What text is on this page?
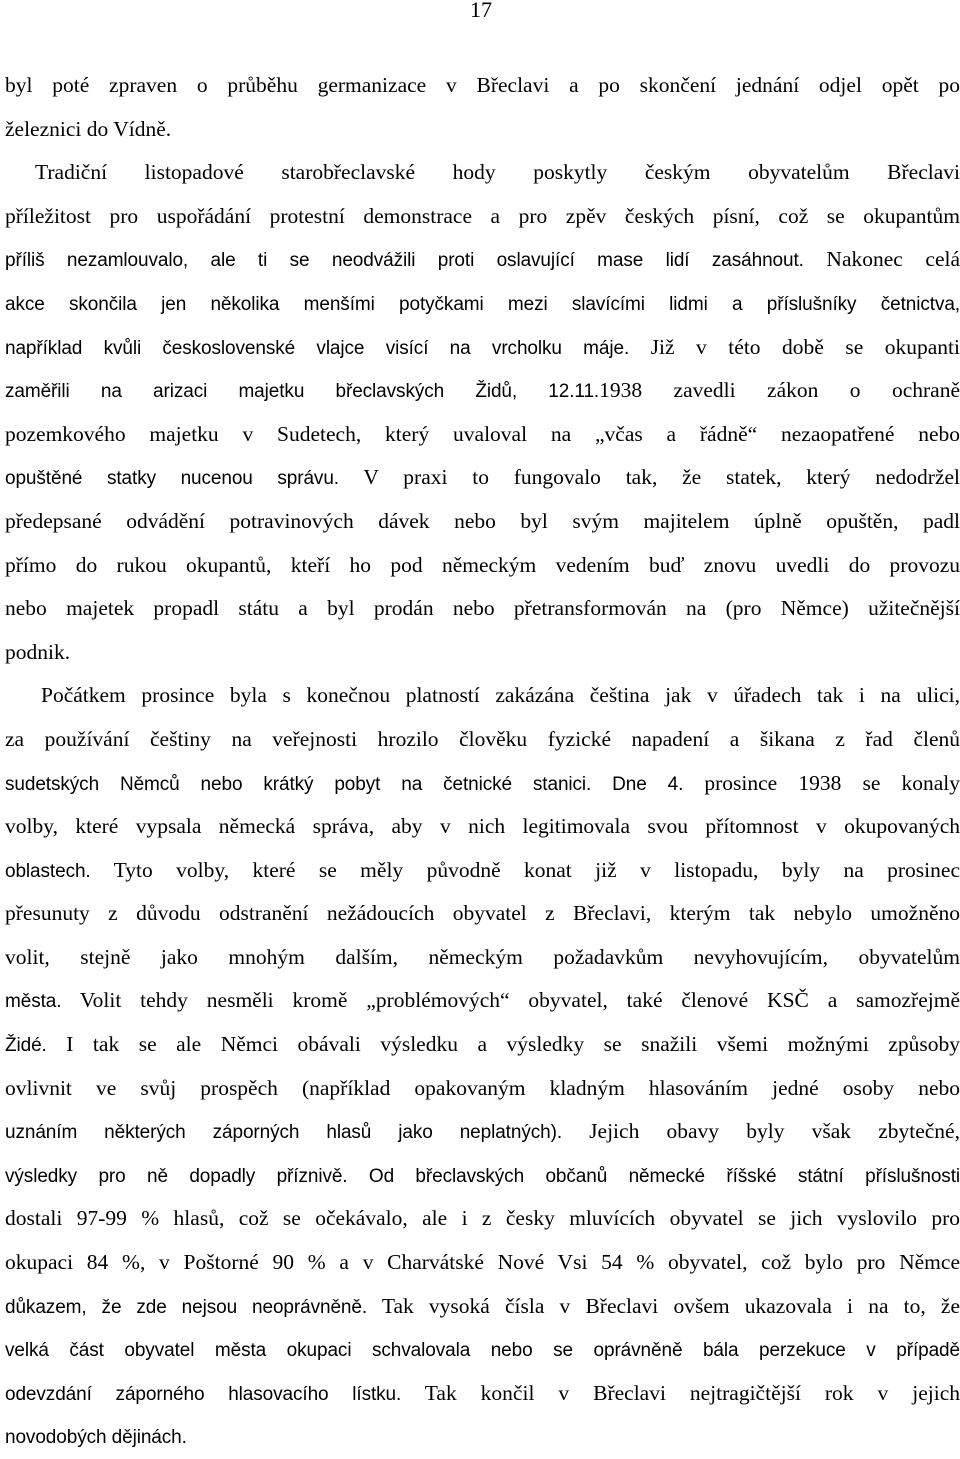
17
byl poté zpraven o průběhu germanizace v Břeclavi a po skončení jednání odjel opět po
železnici do Vídně.
Tradiční listopadové starobřeclavské hody poskytly českým obyvatelům Břeclavi
příležitost pro uspořádání protestní demonstrace a pro zpěv českých písní, což se okupantům
příliš nezamlouvalo, ale ti se neodvážili proti oslavující mase lidí zasáhnout. Nakonec celá
akce skončila jen několika menšími potyčkami mezi slavícími lidmi a příslušníky četnictva,
například kvůli československé vlajce visící na vrcholku máje. Již v této době se okupanti
zaměřili na arizaci majetku břeclavských Židů, 12.11.1938 zavedli zákon o ochraně
pozemkového majetku v Sudetech, který uvaloval na „včas a řádně“ nezaopatřené nebo
opuštěné statky nucenou správu. V praxi to fungovalo tak, že statek, který nedodržel
předepsané odvádění potravinových dávek nebo byl svým majitelem úplně opuštěn, padl
přímo do rukou okupantů, kteří ho pod německým vedením buď znovu uvedli do provozu
nebo majetek propadl státu a byl prodán nebo přetransformován na (pro Němce) užitečnější
podnik.
Počátkem prosince byla s konečnou platností zakázána čeština jak v úřadech tak i na ulici,
za používání češtiny na veřejnosti hrozilo člověku fyzické napadení a šikana z řad členů
sudetských Němců nebo krátký pobyt na četnické stanici. Dne 4. prosince 1938 se konaly
volby, které vypsala německá správa, aby v nich legitimovala svou přítomnost v okupovaných
oblastech. Tyto volby, které se měly původně konat již v listopadu, byly na prosinec
přesunuty z důvodu odstranění nežádoucích obyvatel z Břeclavi, kterým tak nebylo umožněno
volit, stejně jako mnohým dalším, německým požadavkům nevyhovujícím, obyvatelům
města. Volit tehdy nesměli kromě „problémových“ obyvatel, také členové KSČ a samozřejmě
Židé. I tak se ale Němci obávali výsledku a výsledky se snažili všemi možnými způsoby
ovlivnit ve svůj prospěch (například opakovaným kladným hlasováním jedné osoby nebo
uznáním některých záporných hlasů jako neplatných). Jejich obavy byly však zbytečné,
výsledky pro ně dopadly příznivě. Od břeclavských občanů německé říšské státní příslušnosti
dostali 97-99 % hlasů, což se očekávalo, ale i z česky mluvících obyvatel se jich vyslovilo pro
okupaci 84 %, v Poštorné 90 % a v Charvátské Nové Vsi 54 % obyvatel, což bylo pro Němce
důkazem, že zde nejsou neoprávněně. Tak vysoká čísla v Břeclavi ovšem ukazovala i na to, že
velká část obyvatel města okupaci schvalovala nebo se oprávněně bála perzekuce v případě
odevzdání záporného hlasovacího lístku. Tak končil v Břeclavi nejtragičtější rok v jejich
novodobých dějinách.
